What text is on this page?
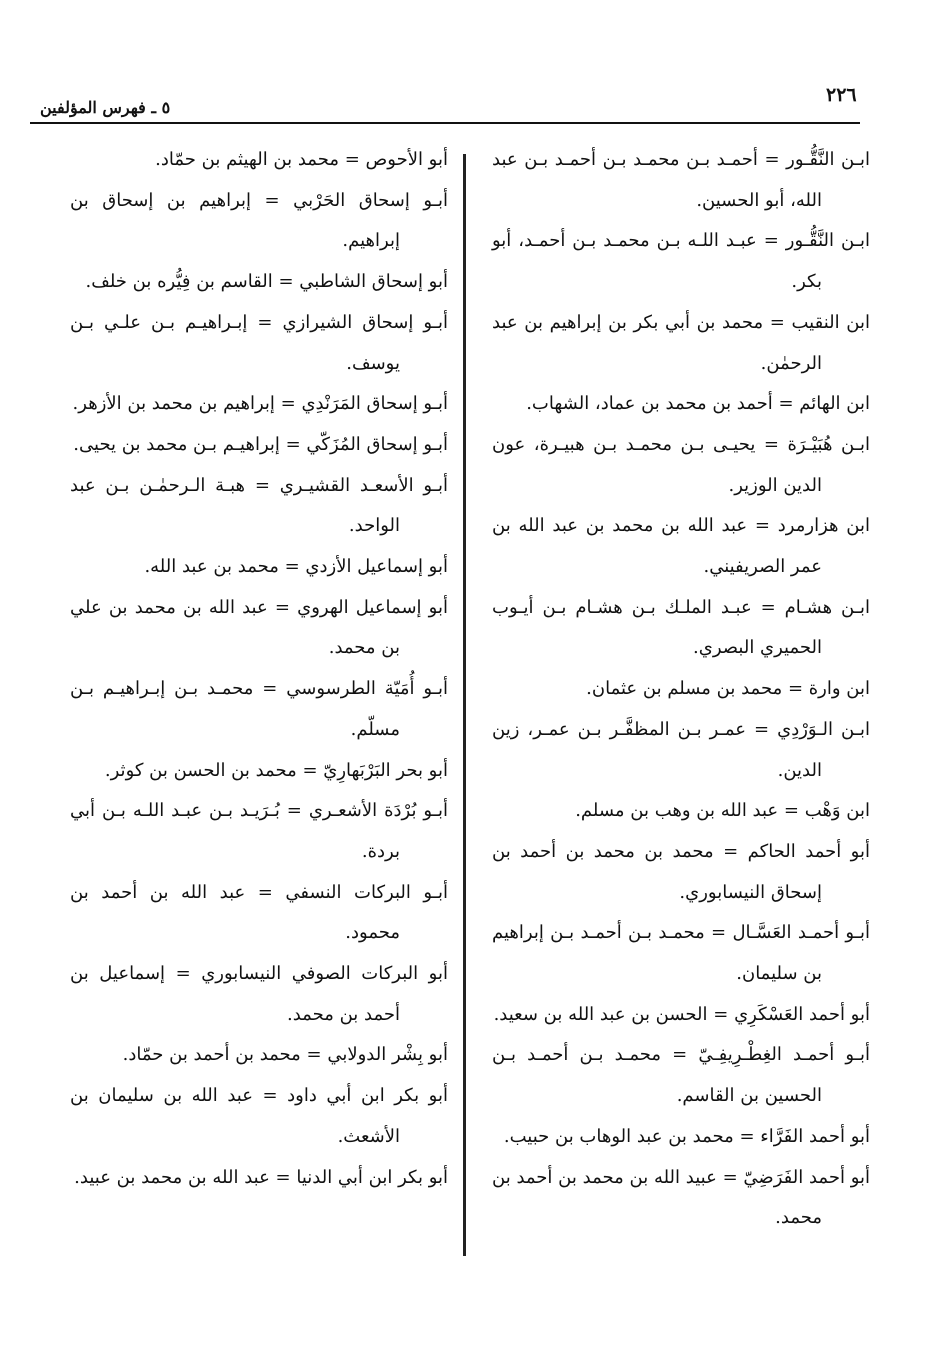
٢٢٦
٥ ـ فهرس المؤلفين

ابـن النَّقُّـور = أحمـد بـن محمـد بـن أحمـد بـن عبد الله، أبو الحسين.

ابـن النَّقُّـور = عبـد اللـه بـن محمـد بـن أحمـد، أبو بكر.

ابن النقيب = محمد بن أبي بكر بن إبراهيم بن عبد الرحمٰن.

ابن الهائم = أحمد بن محمد بن عماد، الشهاب.

ابـن هُبَيْـرَة = يحيـى بـن محمـد بـن هبيـرة، عون الدين الوزير.

ابن هزارمرد = عبد الله بن محمد بن عبد الله بن عمر الصريفيني.

ابـن هشـام = عبـد الملـك بـن هشـام بـن أيـوب الحميري البصري.

ابن وارة = محمد بن مسلم بن عثمان.

ابـن الـوَرْدِي = عمـر بـن المظفَّـر بـن عمـر، زين الدين.

ابن وَهْب = عبد الله بن وهب بن مسلم.

أبو أحمد الحاكم = محمد بن محمد بن أحمد بن إسحاق النيسابوري.

أبـو أحمـد العَسَّـال = محمـد بـن أحمـد بـن إبراهيم بن سليمان.

أبو أحمد العَسْكَرِي = الحسن بن عبد الله بن سعيد.

أبـو أحمـد الغِطْـرِيفِـيّ = محمـد بـن أحمـد بـن الحسين بن القاسم.

أبو أحمد الفَرَّاء = محمد بن عبد الوهاب بن حبيب.

أبو أحمد الفَرَضِيّ = عبيد الله بن محمد بن أحمد بن محمد.

أبو الأحوص = محمد بن الهيثم بن حمّاد.

أبـو إسحاق الحَرْبي = إبراهيم بن إسحاق بن إبراهيم.

أبو إسحاق الشاطبي = القاسم بن فِيُّره بن خلف.

أبـو إسحاق الشيرازي = إبـراهيـم بـن علـي بـن يوسف.

أبـو إسحاق المَرَنْدِي = إبراهيم بن محمد بن الأزهر.

أبـو إسحاق المُزَكّي = إبراهيـم بـن محمد بن يحيى.

أبـو الأسعـد القشيـري = هبـة الـرحمٰـن بـن عبد الواحد.

أبو إسماعيل الأزدي = محمد بن عبد الله.

أبو إسماعيل الهروي = عبد الله بن محمد بن علي بن محمد.

أبـو أُمَيّة الطرسوسي = محمـد بـن إبـراهيـم بـن مسلّم.

أبو بحر البَرْبَهارِيّ = محمد بن الحسن بن كوثر.

أبـو بُرْدَة الأشعـري = بُـرَيـد بـن عبـد اللـه بـن أبي بردة.

أبـو البركات النسفي = عبد الله بن أحمد بن محمود.

أبو البركات الصوفي النيسابوري = إسماعيل بن أحمد بن محمد.

أبو بِشْر الدولابي = محمد بن أحمد بن حمّاد.

أبو بكر ابن أبي داود = عبد الله بن سليمان بن الأشعث.

أبو بكر ابن أبي الدنيا = عبد الله بن محمد بن عبيد.
